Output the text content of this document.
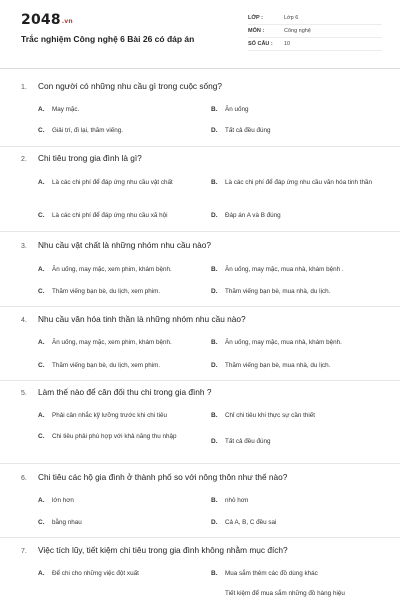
2048.vn
Trắc nghiệm Công nghệ 6 Bài 26 có đáp án
LỚP :	Lớp 6
MÔN :	Công nghệ
SỐ CÂU :	10
1.	Con người có những nhu cầu gì trong cuộc sống?
A.	May mặc.	B.	Ăn uống
C.	Giải trí, đi lại, thăm viếng.	D.	Tất cả đều đúng
2.	Chi tiêu trong gia đình là gì?
A.	Là các chi phí để đáp ứng nhu cầu vật chất	B.	Là các chi phí để đáp ứng nhu cầu văn hóa tinh thần
C.	Là các chi phí để đáp ứng nhu cầu xã hội	D.	Đáp án A và B đúng
3.	Nhu cầu vật chất là những nhóm nhu cầu nào?
A.	Ăn uống, may mặc, xem phim, khám bệnh.	B.	Ăn uống, may mặc, mua nhà, khám bệnh .
C.	Thăm viếng bạn bè, du lịch, xem phim.	D.	Thăm viếng bạn bè, mua nhà, du lịch.
4.	Nhu cầu văn hóa tinh thần là những nhóm nhu cầu nào?
A.	Ăn uống, may mặc, xem phim, khám bệnh.	B.	Ăn uống, may mặc, mua nhà, khám bệnh.
C.	Thăm viếng bạn bè, du lịch, xem phim.	D.	Thăm viếng bạn bè, mua nhà, du lịch.
5.	Làm thế nào để cân đối thu chi trong gia đình ?
A.	Phải cân nhắc kỹ lưỡng trước khi chi tiêu	B.	Chỉ chi tiêu khi thực sự cần thiết
C.	Chi tiêu phải phù hợp với khả năng thu nhập
D.	Tất cả đều đúng
6.	Chi tiêu các hộ gia đình ở thành phố so với nông thôn như thế nào?
A.	lớn hơn	B.	nhỏ hơn
C.	bằng nhau	D.	Cả A, B, C đều sai
7.	Việc tích lũy, tiết kiệm chi tiêu trong gia đình không nhằm mục đích?
A.	Để chi cho những việc đột xuất	B.	Mua sắm thêm các đồ dùng khác
Tiết kiệm để mua sắm những đồ hàng hiệu
